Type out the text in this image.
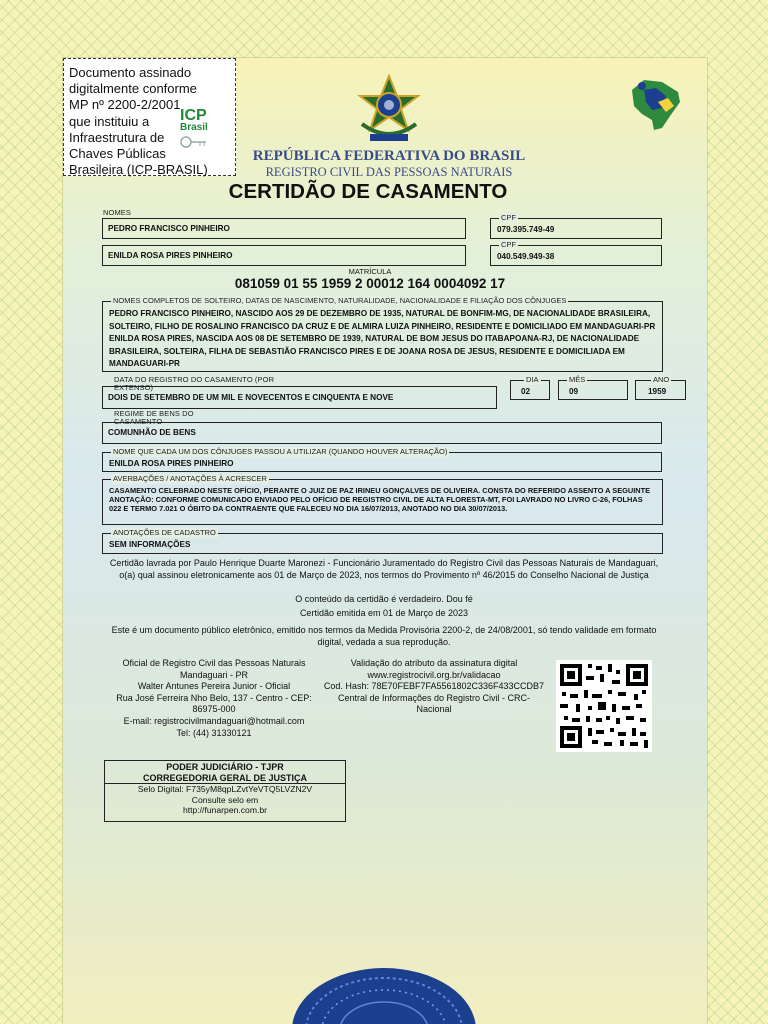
Documento assinado
digitalmente conforme
MP nº 2200-2/2001
que instituiu a
Infraestrutura de
Chaves Públicas
Brasileira (ICP-BRASIL)
ICP
Brasil
REPÚBLICA FEDERATIVA DO BRASIL
REGISTRO CIVIL DAS PESSOAS NATURAIS
CERTIDÃO DE CASAMENTO
NOMES
PEDRO FRANCISCO PINHEIRO
ENILDA ROSA PIRES PINHEIRO
CPF
079.395.749-49
CPF
040.549.949-38
MATRÍCULA
081059 01 55 1959 2 00012 164 0004092 17
NOMES COMPLETOS DE SOLTEIRO, DATAS DE NASCIMENTO, NATURALIDADE, NACIONALIDADE E FILIAÇÃO DOS CÔNJUGES
PEDRO FRANCISCO PINHEIRO, NASCIDO AOS 29 DE DEZEMBRO DE 1935, NATURAL DE BONFIM-MG, DE NACIONALIDADE BRASILEIRA, SOLTEIRO, FILHO DE ROSALINO FRANCISCO DA CRUZ E DE ALMIRA LUIZA PINHEIRO, RESIDENTE E DOMICILIADO EM MANDAGUARI-PR ENILDA ROSA PIRES, NASCIDA AOS 08 DE SETEMBRO DE 1939, NATURAL DE BOM JESUS DO ITABAPOANA-RJ, DE NACIONALIDADE BRASILEIRA, SOLTEIRA, FILHA DE SEBASTIÃO FRANCISCO PIRES E DE JOANA ROSA DE JESUS, RESIDENTE E DOMICILIADA EM MANDAGUARI-PR
DATA DO REGISTRO DO CASAMENTO (POR EXTENSO)
DOIS DE SETEMBRO DE UM MIL E NOVECENTOS E CINQUENTA E NOVE
DIA
02
MÊS
09
ANO
1959
REGIME DE BENS DO CASAMENTO
COMUNHÃO DE BENS
NOME QUE CADA UM DOS CÔNJUGES PASSOU A UTILIZAR (QUANDO HOUVER ALTERAÇÃO)
ENILDA ROSA PIRES PINHEIRO
AVERBAÇÕES / ANOTAÇÕES À ACRESCER
CASAMENTO CELEBRADO NESTE OFÍCIO, PERANTE O JUIZ DE PAZ IRINEU GONÇALVES DE OLIVEIRA. CONSTA DO REFERIDO ASSENTO A SEGUINTE ANOTAÇÃO: CONFORME COMUNICADO ENVIADO PELO OFÍCIO DE REGISTRO CIVIL DE ALTA FLORESTA-MT, FOI LAVRADO NO LIVRO C-26, FOLHAS 022 E TERMO 7.021 O ÓBITO DA CONTRAENTE QUE FALECEU NO DIA 16/07/2013, ANOTADO NO DIA 30/07/2013.
ANOTAÇÕES DE CADASTRO
SEM INFORMAÇÕES
Certidão lavrada por Paulo Henrique Duarte Maronezi - Funcionário Juramentado do Registro Civil das Pessoas Naturais de Mandaguari, o(a) qual assinou eletronicamente aos 01 de Março de 2023, nos termos do Provimento nº 46/2015 do Conselho Nacional de Justiça
O conteúdo da certidão é verdadeiro. Dou fé
Certidão emitida em 01 de Março de 2023
Este é um documento público eletrônico, emitido nos termos da Medida Provisória 2200-2, de 24/08/2001, só tendo validade em formato digital, vedada a sua reprodução.
Oficial de Registro Civil das Pessoas Naturais
Mandaguari - PR
Walter Antunes Pereira Junior - Oficial
Rua José Ferreira Nho Belo, 137 - Centro - CEP:
86975-000
E-mail: registrocivilmandaguari@hotmail.com
Tel: (44) 31330121
Validação do atributo da assinatura digital
www.registrocivil.org.br/validacao
Cod. Hash: 78E70FEBF7FA5561802C336F433CCDB7
Central de Informações do Registro Civil - CRC-
Nacional
PODER JUDICIÁRIO - TJPR
CORREGEDORIA GERAL DE JUSTIÇA
Selo Digital: F735yM8qpLZvtYeVTQ5LVZN2V
Consulte selo em
http://funarpen.com.br
